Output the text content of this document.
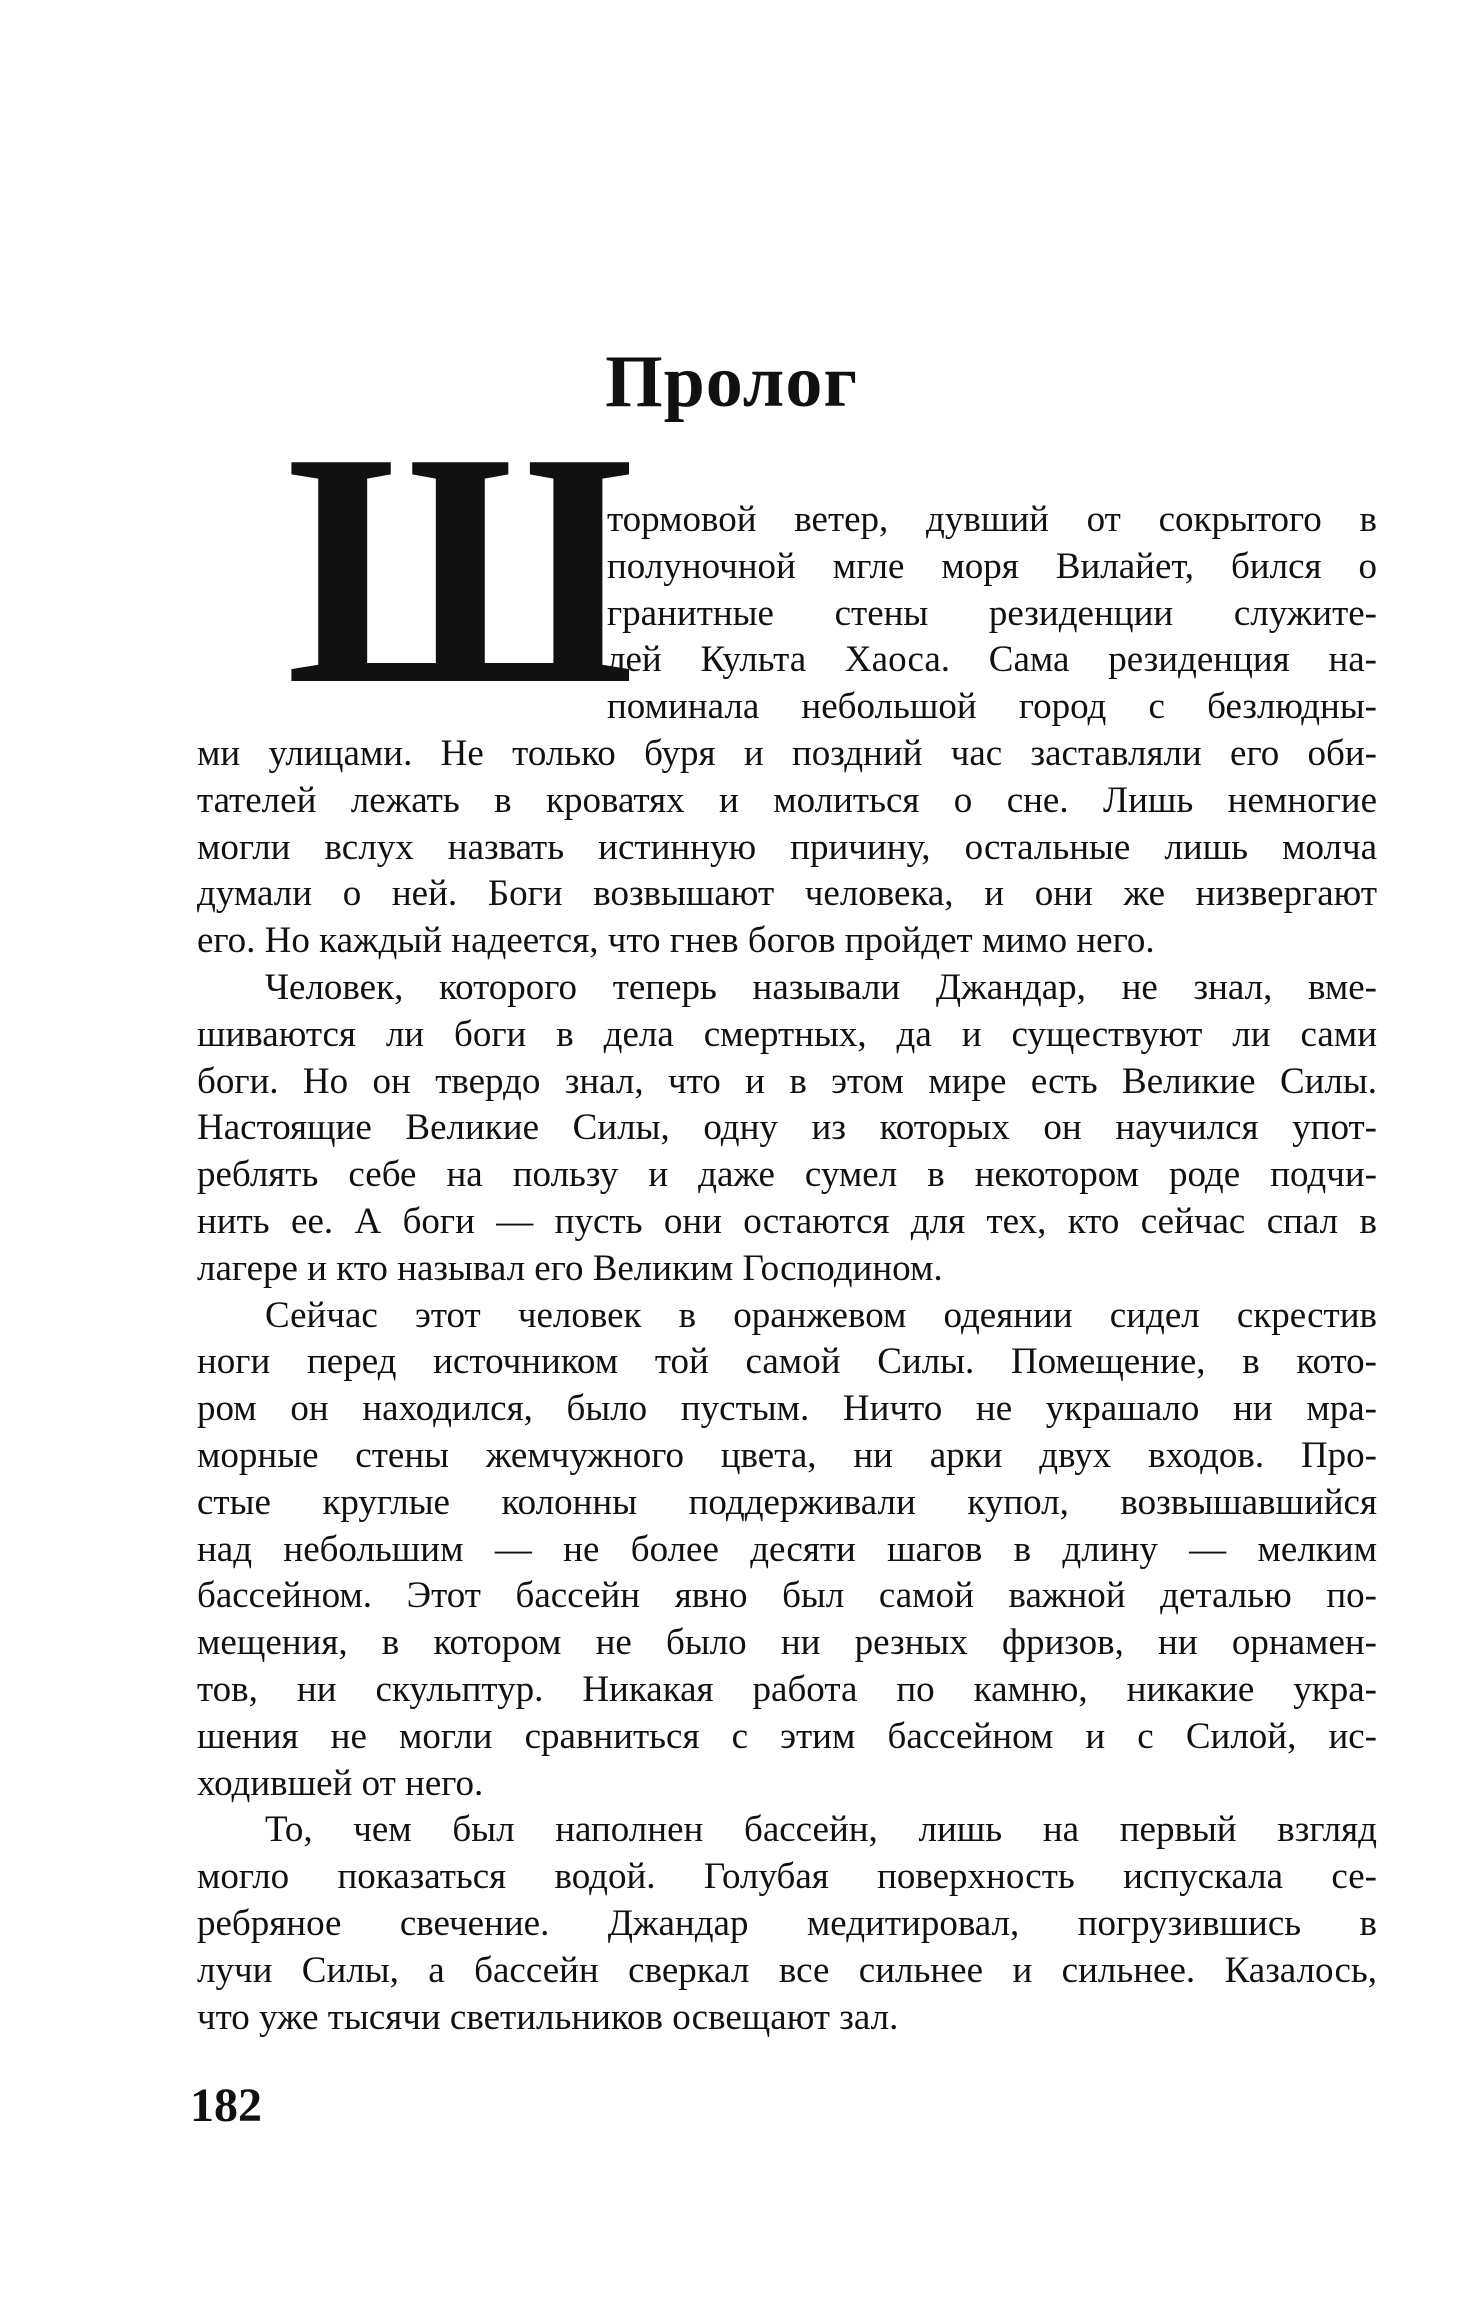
Пролог
Ш
тормовой ветер, дувший от сокрытого в
полуночной мгле моря Вилайет, бился о
гранитные стены резиденции служите-
лей Культа Хаоса. Сама резиденция на-
поминала небольшой город с безлюдны-
ми улицами. Не только буря и поздний час заставляли его оби-
тателей лежать в кроватях и молиться о сне. Лишь немногие
могли вслух назвать истинную причину, остальные лишь молча
думали о ней. Боги возвышают человека, и они же низвергают
его. Но каждый надеется, что гнев богов пройдет мимо него.
Человек, которого теперь называли Джандар, не знал, вме-
шиваются ли боги в дела смертных, да и существуют ли сами
боги. Но он твердо знал, что и в этом мире есть Великие Силы.
Настоящие Великие Силы, одну из которых он научился упот-
реблять себе на пользу и даже сумел в некотором роде подчи-
нить ее. А боги — пусть они остаются для тех, кто сейчас спал в
лагере и кто называл его Великим Господином.
Сейчас этот человек в оранжевом одеянии сидел скрестив
ноги перед источником той самой Силы. Помещение, в кото-
ром он находился, было пустым. Ничто не украшало ни мра-
морные стены жемчужного цвета, ни арки двух входов. Про-
стые круглые колонны поддерживали купол, возвышавшийся
над небольшим — не более десяти шагов в длину — мелким
бассейном. Этот бассейн явно был самой важной деталью по-
мещения, в котором не было ни резных фризов, ни орнамен-
тов, ни скульптур. Никакая работа по камню, никакие укра-
шения не могли сравниться с этим бассейном и с Силой, ис-
ходившей от него.
То, чем был наполнен бассейн, лишь на первый взгляд
могло показаться водой. Голубая поверхность испускала се-
ребряное свечение. Джандар медитировал, погрузившись в
лучи Силы, а бассейн сверкал все сильнее и сильнее. Казалось,
что уже тысячи светильников освещают зал.
182
